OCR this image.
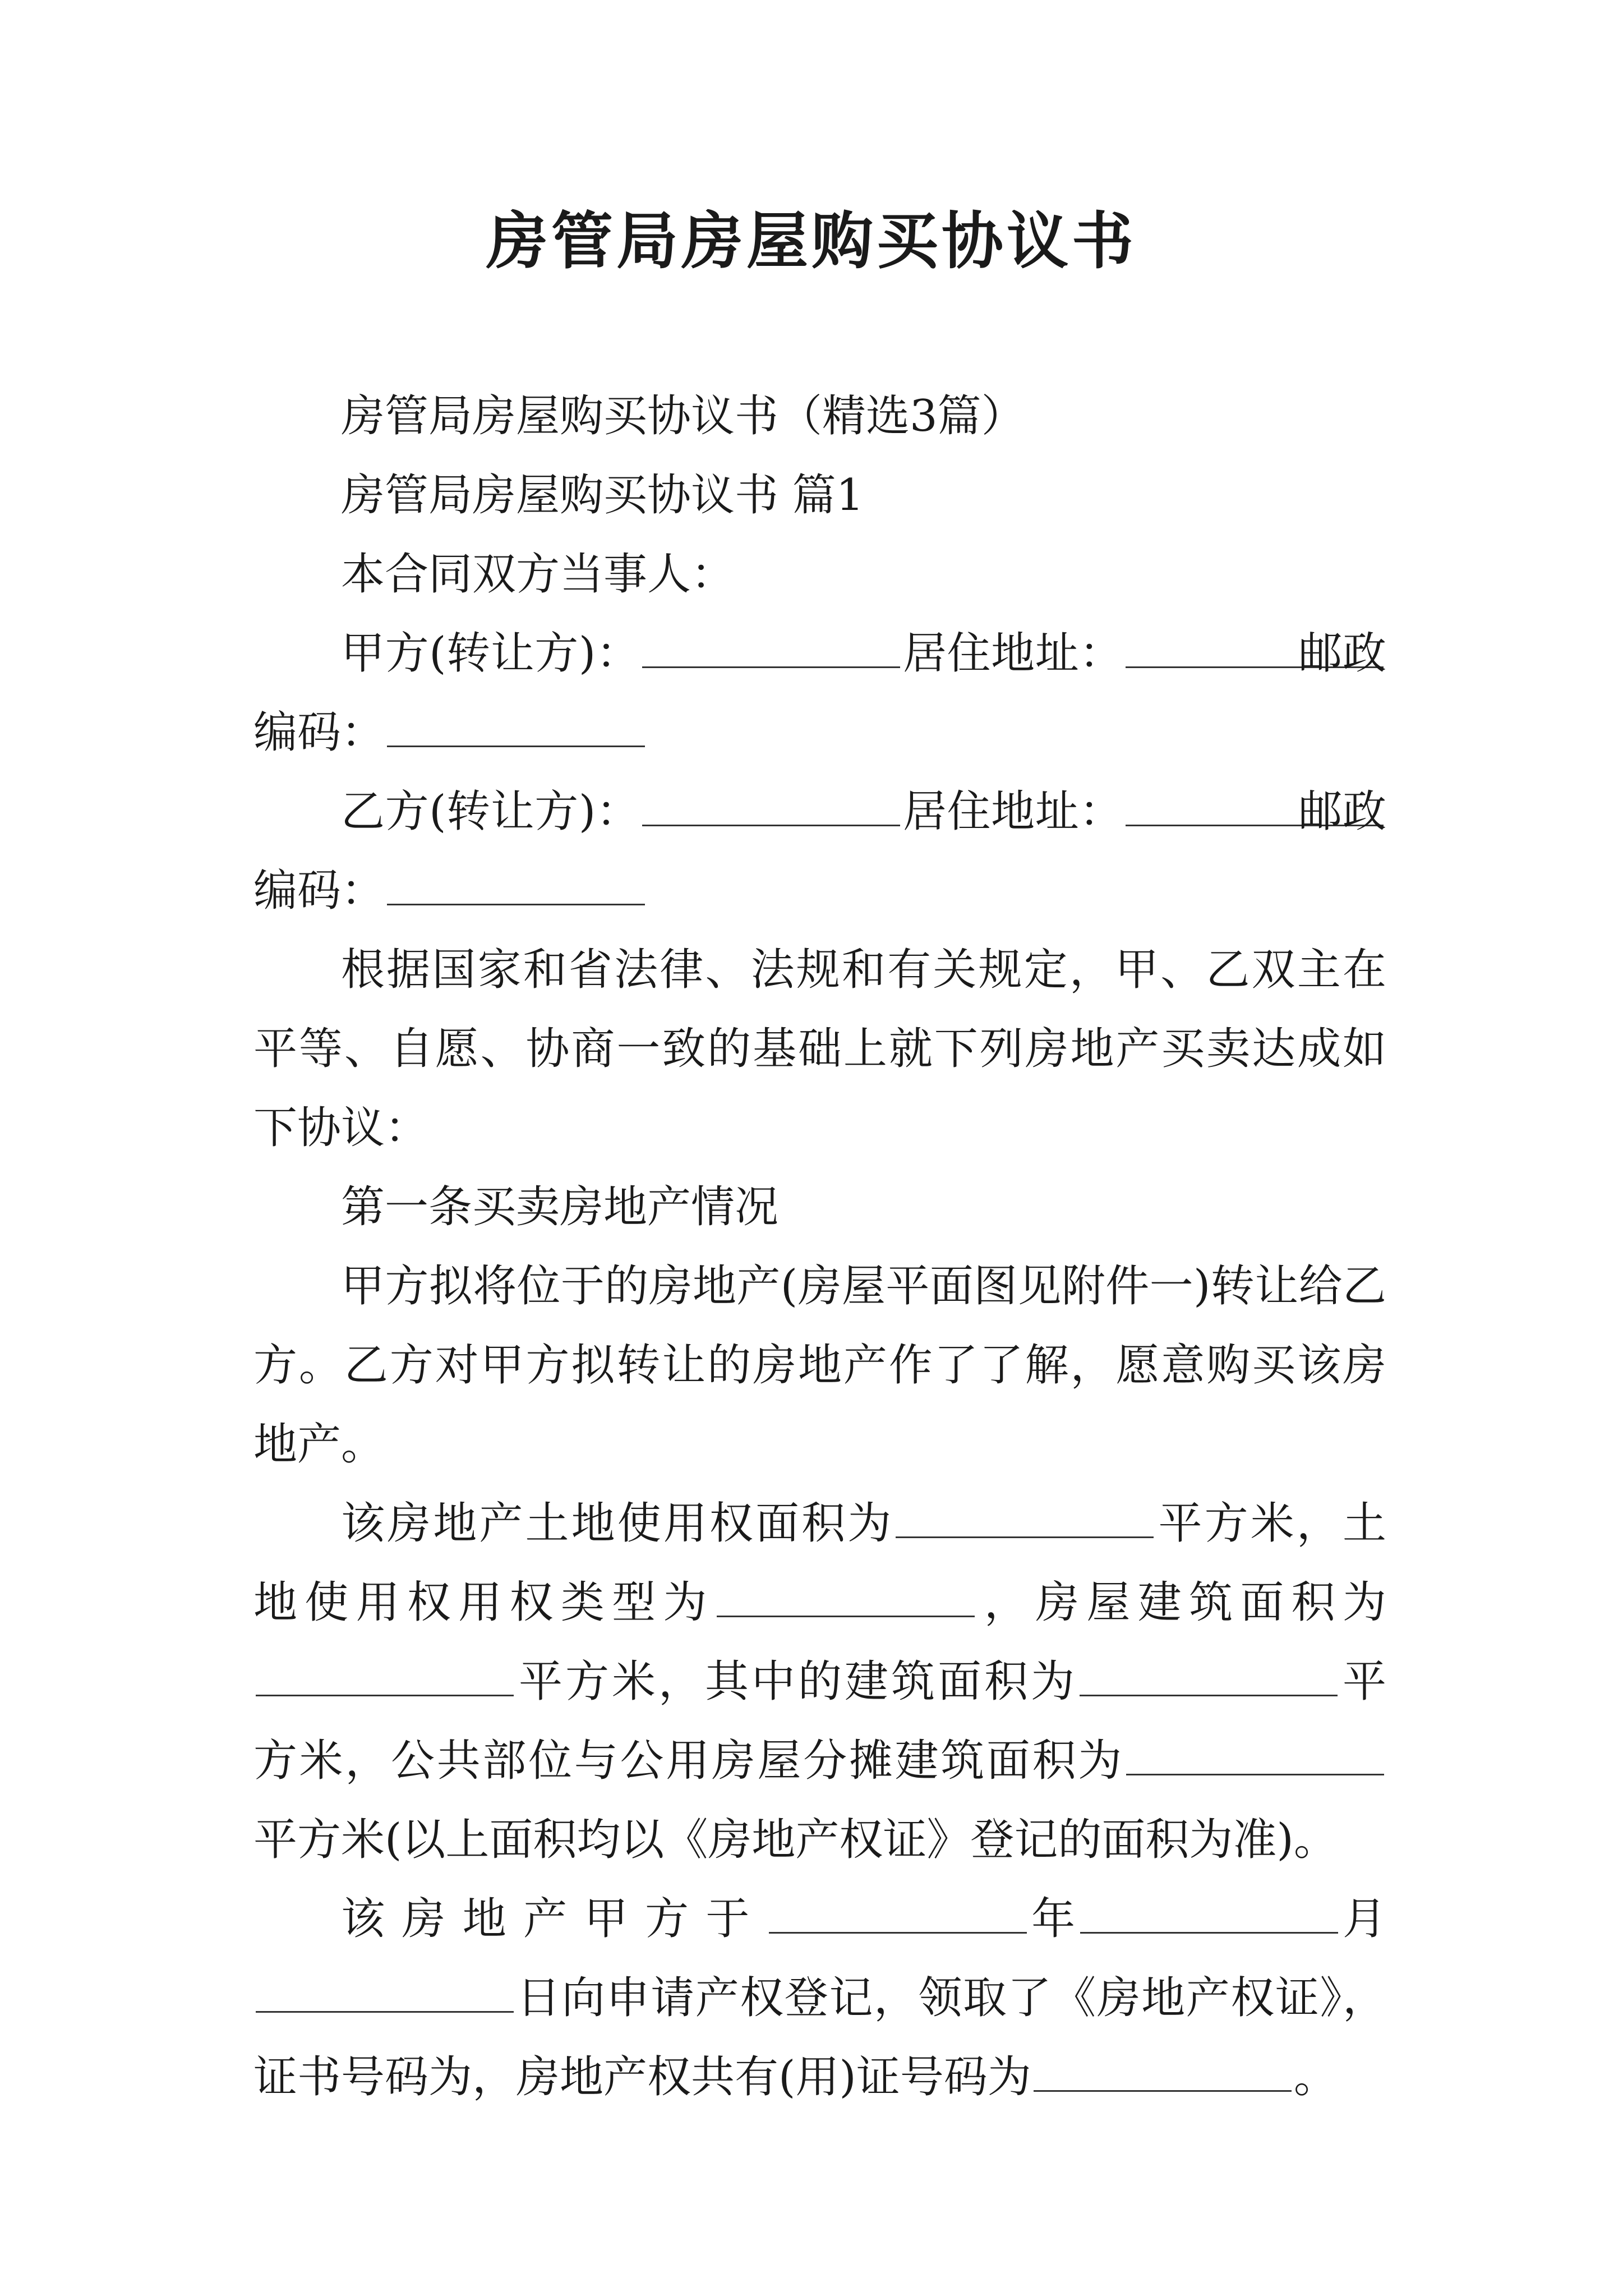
房管局房屋购买协议书

房管局房屋购买协议书（精选3篇）

房管局房屋购买协议书 篇1

本合同双方当事人：

甲方(转让方)：	居住地址：	邮政编码：

乙方(转让方)：	居住地址：	邮政编码：

根据国家和省法律、法规和有关规定，甲、乙双主在平等、自愿、协商一致的基础上就下列房地产买卖达成如下协议：

第一条买卖房地产情况

甲方拟将位于的房地产(房屋平面图见附件一)转让给乙方。乙方对甲方拟转让的房地产作了了解，愿意购买该房地产。

该房地产土地使用权面积为	平方米，土地使用权用权类型为	，房屋建筑面积为平方米，其中的建筑面积为	平方米，公共部位与公用房屋分摊建筑面积为平方米(以上面积均以《房地产权证》登记的面积为准)。

该房地产甲方于	年	月日向申请产权登记，领取了《房地产权证》，证书号码为，房地产权共有(用)证号码为	。
